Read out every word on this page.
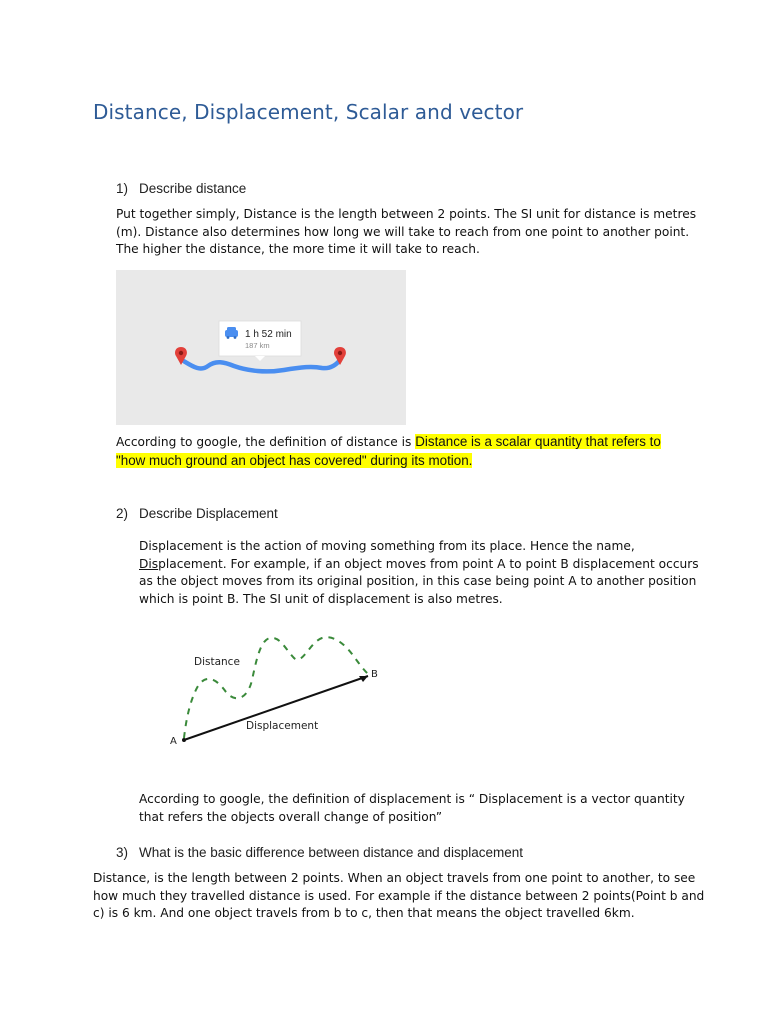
Distance, Displacement, Scalar and vector
1) Describe distance

Put together simply, Distance is the length between 2 points. The SI unit for distance is metres
(m). Distance also determines how long we will take to reach from one point to another point.
The higher the distance, the more time it will take to reach.

1 h 52 min
187 km

According to google, the definition of distance is Distance is a scalar quantity that refers to
"how much ground an object has covered" during its motion.

2) Describe Displacement

Displacement is the action of moving something from its place. Hence the name,
Displacement. For example, if an object moves from point A to point B displacement occurs
as the object moves from its original position, in this case being point A to another position
which is point B. The SI unit of displacement is also metres.

A
B
Distance
Displacement

According to google, the definition of displacement is “ Displacement is a vector quantity
that refers the objects overall change of position”

3) What is the basic difference between distance and displacement

Distance, is the length between 2 points. When an object travels from one point to another, to see
how much they travelled distance is used. For example if the distance between 2 points(Point b and
c) is 6 km. And one object travels from b to c, then that means the object travelled 6km.
